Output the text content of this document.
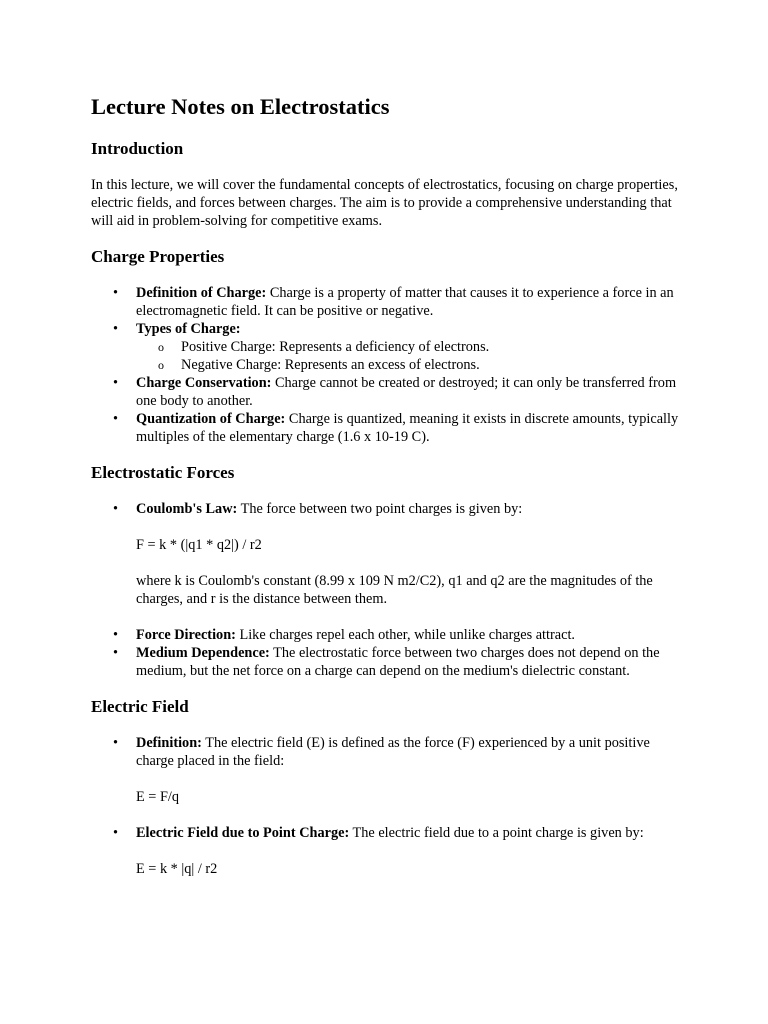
Lecture Notes on Electrostatics
Introduction

In this lecture, we will cover the fundamental concepts of electrostatics, focusing on charge properties, electric fields, and forces between charges. The aim is to provide a comprehensive understanding that will aid in problem-solving for competitive exams.

Charge Properties
• Definition of Charge: Charge is a property of matter that causes it to experience a force in an electromagnetic field. It can be positive or negative.
• Types of Charge:
o Positive Charge: Represents a deficiency of electrons.
o Negative Charge: Represents an excess of electrons.
• Charge Conservation: Charge cannot be created or destroyed; it can only be transferred from one body to another.
• Quantization of Charge: Charge is quantized, meaning it exists in discrete amounts, typically multiples of the elementary charge (1.6 x 10-19 C).
Electrostatic Forces
• Coulomb's Law: The force between two point charges is given by:

F = k * (|q1 * q2|) / r2

where k is Coulomb's constant (8.99 x 109 N m2/C2), q1 and q2 are the magnitudes of the charges, and r is the distance between them.

• Force Direction: Like charges repel each other, while unlike charges attract.
• Medium Dependence: The electrostatic force between two charges does not depend on the medium, but the net force on a charge can depend on the medium's dielectric constant.
Electric Field
• Definition: The electric field (E) is defined as the force (F) experienced by a unit positive charge placed in the field:

E = F/q

• Electric Field due to Point Charge: The electric field due to a point charge is given by:

E = k * |q| / r2
